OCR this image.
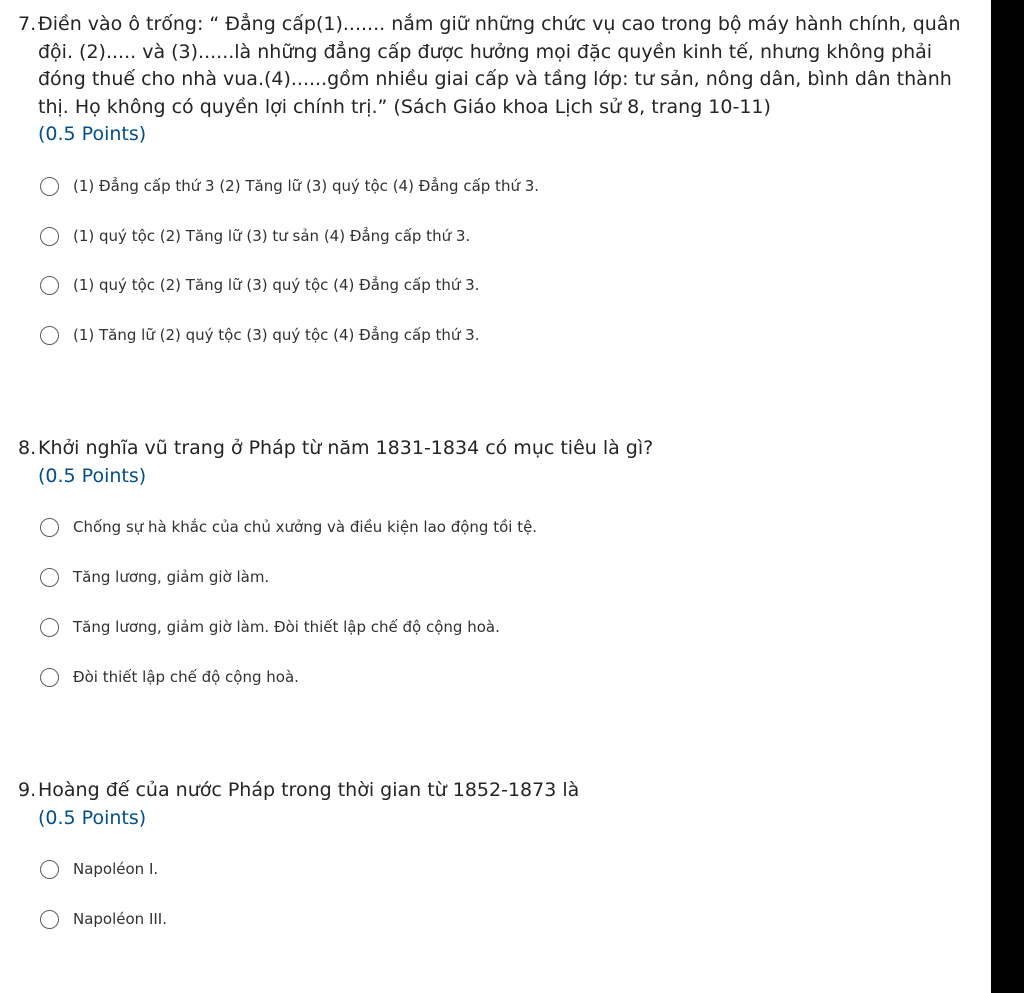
7. Điền vào ô trống: “ Đẳng cấp(1)....... nắm giữ những chức vụ cao trong bộ máy hành chính, quân đội. (2)..... và (3)......là những đẳng cấp được hưởng mọi đặc quyền kinh tế, nhưng không phải đóng thuế cho nhà vua.(4)......gồm nhiều giai cấp và tầng lớp: tư sản, nông dân, bình dân thành thị. Họ không có quyền lợi chính trị.” (Sách Giáo khoa Lịch sử 8, trang 10-11)
(0.5 Points)
(1) Đẳng cấp thứ 3 (2) Tăng lữ (3) quý tộc (4) Đẳng cấp thứ 3.
(1) quý tộc (2) Tăng lữ (3) tư sản (4) Đẳng cấp thứ 3.
(1) quý tộc (2) Tăng lữ (3) quý tộc (4) Đẳng cấp thứ 3.
(1) Tăng lữ (2) quý tộc (3) quý tộc (4) Đẳng cấp thứ 3.
8. Khởi nghĩa vũ trang ở Pháp từ năm 1831-1834 có mục tiêu là gì?
(0.5 Points)
Chống sự hà khắc của chủ xưởng và điều kiện lao động tồi tệ.
Tăng lương, giảm giờ làm.
Tăng lương, giảm giờ làm. Đòi thiết lập chế độ cộng hoà.
Đòi thiết lập chế độ cộng hoà.
9. Hoàng đế của nước Pháp trong thời gian từ 1852-1873 là
(0.5 Points)
Napoléon I.
Napoléon III.
